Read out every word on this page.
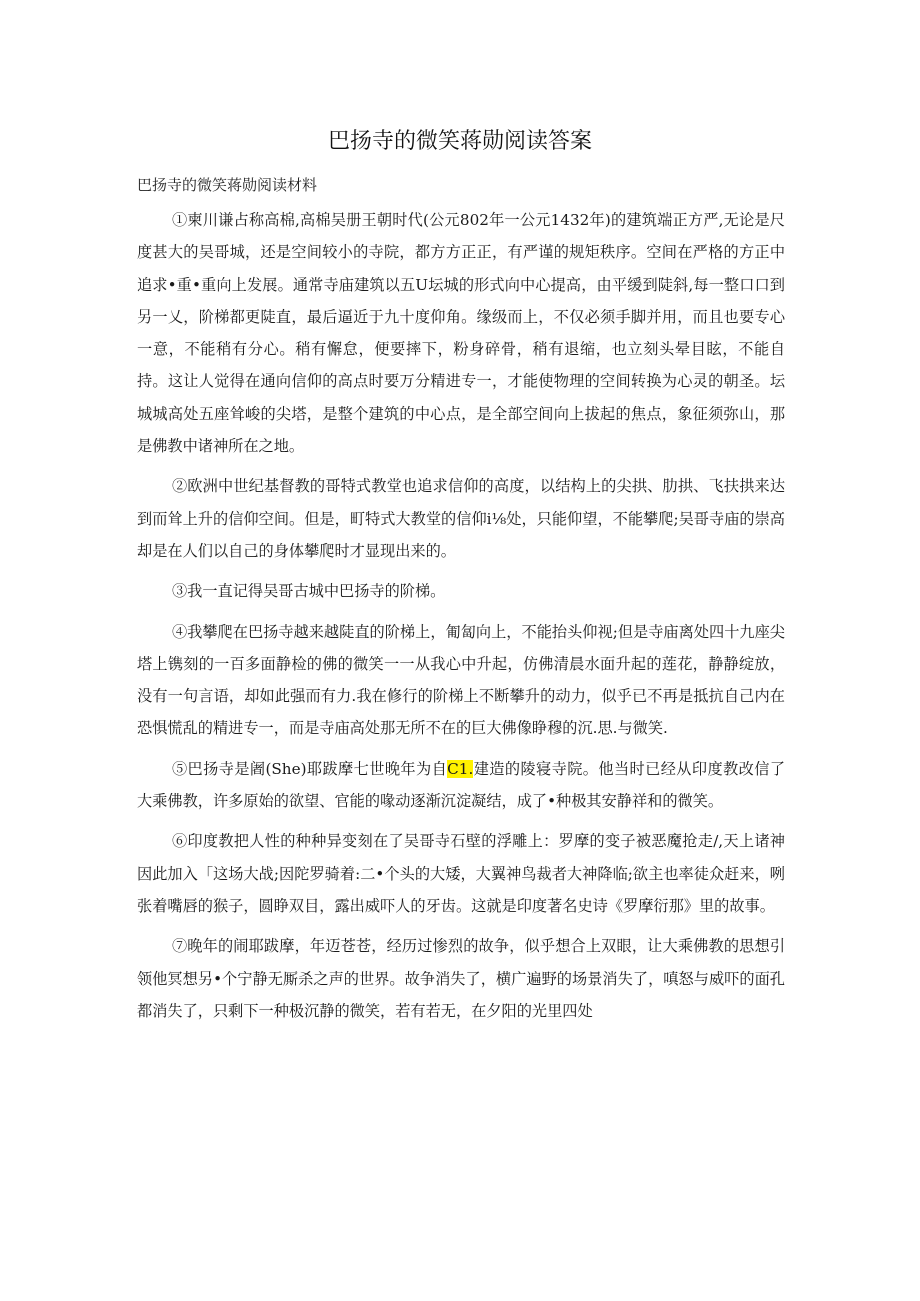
巴扬寺的微笑蒋勋阅读答案

巴扬寺的微笑蒋勋阅读材料

①柬川谦占称高棉,高棉吴册王朝时代(公元802年一公元1432年)的建筑端正方严,无论是尺度甚大的吴哥城，还是空间较小的寺院，都方方正正，有严谨的规矩秩序。空间在严格的方正中追求•重•重向上发展。通常寺庙建筑以五U坛城的形式向中心提高，由平缓到陡斜,每一整口口到另一乂，阶梯都更陡直，最后逼近于九十度仰角。缘级而上，不仅必须手脚并用，而且也要专心一意，不能稍有分心。稍有懈怠，便要摔下，粉身碎骨，稍有退缩，也立刻头晕目眩，不能自持。这让人觉得在通向信仰的高点时要万分精进专一，才能使物理的空间转换为心灵的朝圣。坛城城高处五座耸峻的尖塔，是整个建筑的中心点，是全部空间向上拔起的焦点，象征须弥山，那是佛教中诸神所在之地。

②欧洲中世纪基督教的哥特式教堂也追求信仰的高度，以结构上的尖拱、肋拱、飞扶拱来达到而耸上升的信仰空间。但是，町特式大教堂的信仰i⅛处，只能仰望，不能攀爬;吴哥寺庙的崇高却是在人们以自己的身体攀爬时才显现出来的。

③我一直记得吴哥古城中巴扬寺的阶梯。

④我攀爬在巴扬寺越来越陡直的阶梯上，匍匐向上，不能抬头仰视;但是寺庙离处四十九座尖塔上镌刻的一百多面静检的佛的微笑一一从我心中升起，仿佛清晨水面升起的莲花，静静绽放，没有一句言语，却如此强而有力.我在修行的阶梯上不断攀升的动力，似乎已不再是抵抗自己内在恐惧慌乱的精进专一，而是寺庙高处那无所不在的巨大佛像睁穆的沉.思.与微笑.

⑤巴扬寺是阇(She)耶跋摩七世晚年为自C1.建造的陵寝寺院。他当时已经从印度教改信了大乘佛教，许多原始的欲望、官能的喙动逐渐沉淀凝结，成了•种极其安静祥和的微笑。

⑥印度教把人性的种种异变刻在了吴哥寺石壁的浮雕上：罗摩的变子被恶魔抢走/,天上诸神因此加入「这场大战;因陀罗骑着:二•个头的大矮，大翼神鸟裁者大神降临;欲主也率徒众赶来，咧张着嘴唇的猴子，圆睁双目，露出威吓人的牙齿。这就是印度著名史诗《罗摩衍那》里的故事。

⑦晚年的闹耶跋摩，年迈苍苍，经历过惨烈的故争，似乎想合上双眼，让大乘佛教的思想引领他冥想另•个宁静无厮杀之声的世界。故争消失了，横广遍野的场景消失了，嗔怒与威吓的面孔都消失了，只剩下一种极沉静的微笑，若有若无，在夕阳的光里四处
